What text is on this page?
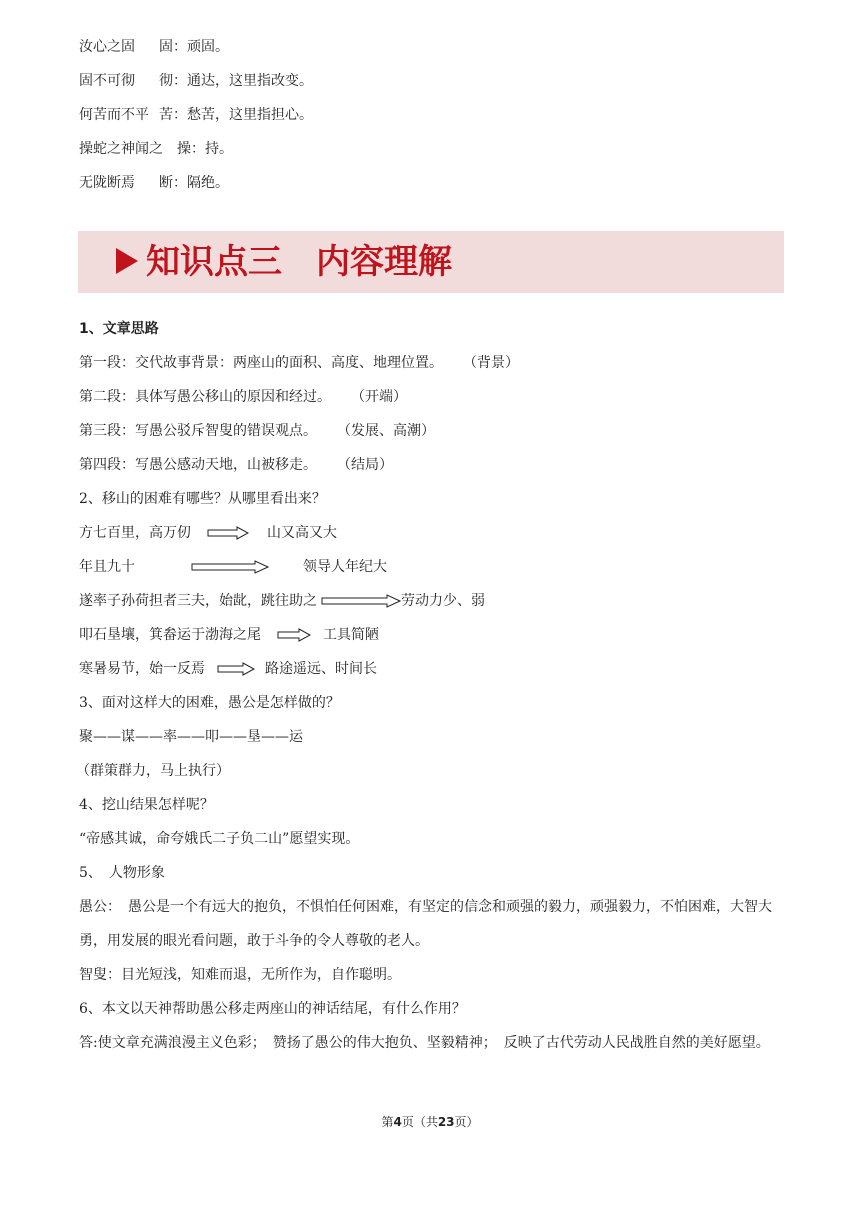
汝心之固 固：顽固。
固不可彻 彻：通达，这里指改变。
何苦而不平 苦：愁苦，这里指担心。
操蛇之神闻之 操：持。
无陇断焉 断：隔绝。
知识点三　内容理解
1、文章思路
第一段：交代故事背景：两座山的面积、高度、地理位置。 （背景）
第二段：具体写愚公移山的原因和经过。 （开端）
第三段：写愚公驳斥智叟的错误观点。 （发展、高潮）
第四段：写愚公感动天地，山被移走。 （结局）
2、移山的困难有哪些？从哪里看出来？
方七百里，高万仞	山又高又大
年且九十	领导人年纪大
遂率子孙荷担者三夫，始龀，跳往助之	劳动力少、弱
叩石垦壤，箕畚运于渤海之尾	工具简陋
寒暑易节，始一反焉	路途遥远、时间长
3、面对这样大的困难，愚公是怎样做的？
聚——谋——率——叩——垦——运
（群策群力，马上执行）
4、挖山结果怎样呢？
“帝感其诚，命夸娥氏二子负二山”愿望实现。
5、　人物形象
愚公：　愚公是一个有远大的抱负，不惧怕任何困难，有坚定的信念和顽强的毅力，顽强毅力，不怕困难，大智大勇，用发展的眼光看问题，敢于斗争的令人尊敬的老人。
智叟：目光短浅，知难而退，无所作为，自作聪明。
6、本文以天神帮助愚公移走两座山的神话结尾，有什么作用？
答:使文章充满浪漫主义色彩；　赞扬了愚公的伟大抱负、坚毅精神；　反映了古代劳动人民战胜自然的美好愿望。
第4页（共23页）
